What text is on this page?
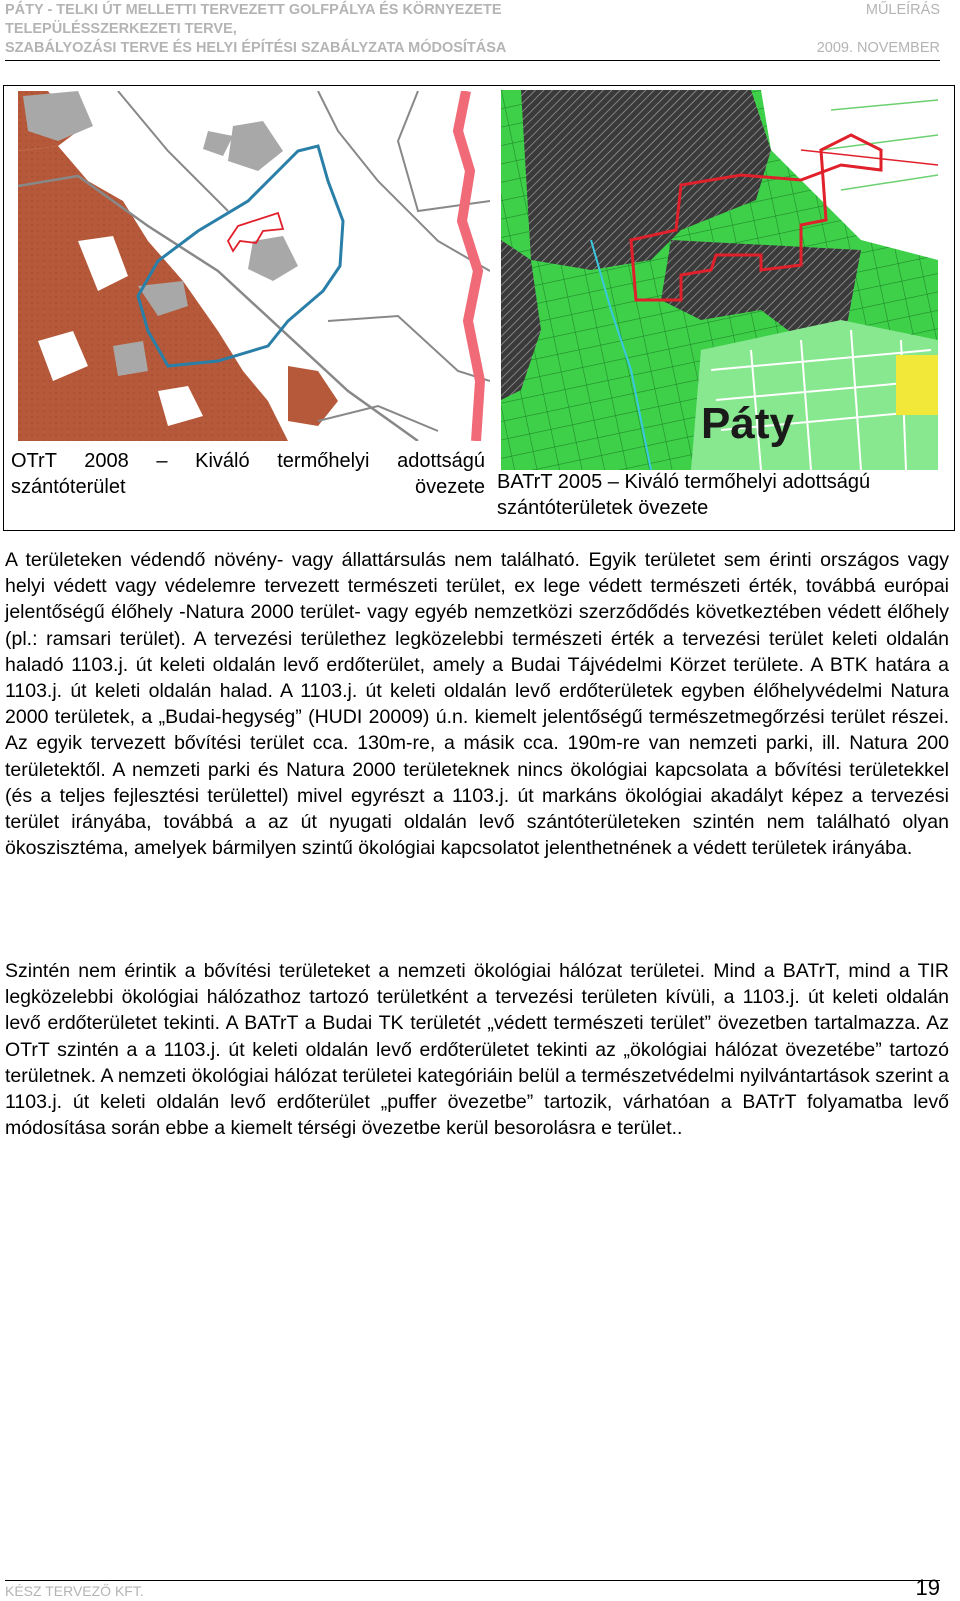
PÁTY - TELKI ÚT MELLETTI TERVEZETT GOLFPÁLYA ÉS KÖRNYEZETE	MŰLEÍRÁS
TELEPÜLÉSSZERKEZETI TERVE,
SZABÁLYOZÁSI TERVE ÉS HELYI ÉPÍTÉSI SZABÁLYZATA MÓDOSÍTÁSA	2009. NOVEMBER
OTrT 2008 – Kiváló termőhelyi adottságú szántóterület övezete
Páty
BATrT 2005 – Kiváló termőhelyi adottságú szántóterületek övezete

A területeken védendő növény- vagy állattársulás nem található. Egyik területet sem érinti országos vagy helyi védett vagy védelemre tervezett természeti terület, ex lege védett természeti érték, továbbá európai jelentőségű élőhely -Natura 2000 terület- vagy egyéb nemzetközi szerződődés következtében védett élőhely (pl.: ramsari terület). A tervezési területhez legközelebbi természeti érték a tervezési terület keleti oldalán haladó 1103.j. út keleti oldalán levő erdőterület, amely a Budai Tájvédelmi Körzet területe. A BTK határa a 1103.j. út keleti oldalán halad. A 1103.j. út keleti oldalán levő erdőterületek egyben élőhelyvédelmi Natura 2000 területek, a „Budai-hegység” (HUDI 20009) ú.n. kiemelt jelentőségű természetmegőrzési terület részei. Az egyik tervezett bővítési terület cca. 130m-re, a másik cca. 190m-re van nemzeti parki, ill. Natura 200 területektől. A nemzeti parki és Natura 2000 területeknek nincs ökológiai kapcsolata a bővítési területekkel (és a teljes fejlesztési területtel) mivel egyrészt a 1103.j. út markáns ökológiai akadályt képez a tervezési terület irányába, továbbá a az út nyugati oldalán levő szántóterületeken szintén nem található olyan ökoszisztéma, amelyek bármilyen szintű ökológiai kapcsolatot jelenthetnének a védett területek irányába.

Szintén nem érintik a bővítési területeket a nemzeti ökológiai hálózat területei. Mind a BATrT, mind a TIR legközelebbi ökológiai hálózathoz tartozó területként a tervezési területen kívüli, a 1103.j. út keleti oldalán levő erdőterületet tekinti. A BATrT a Budai TK területét „védett természeti terület” övezetben tartalmazza. Az OTrT szintén a a 1103.j. út keleti oldalán levő erdőterületet tekinti az „ökológiai hálózat övezetébe” tartozó területnek. A nemzeti ökológiai hálózat területei kategóriáin belül a természetvédelmi nyilvántartások szerint a 1103.j. út keleti oldalán levő erdőterület „puffer övezetbe” tartozik, várhatóan a BATrT folyamatba levő módosítása során ebbe a kiemelt térségi övezetbe kerül besorolásra e terület..

KÉSZ TERVEZŐ KFT.	19
